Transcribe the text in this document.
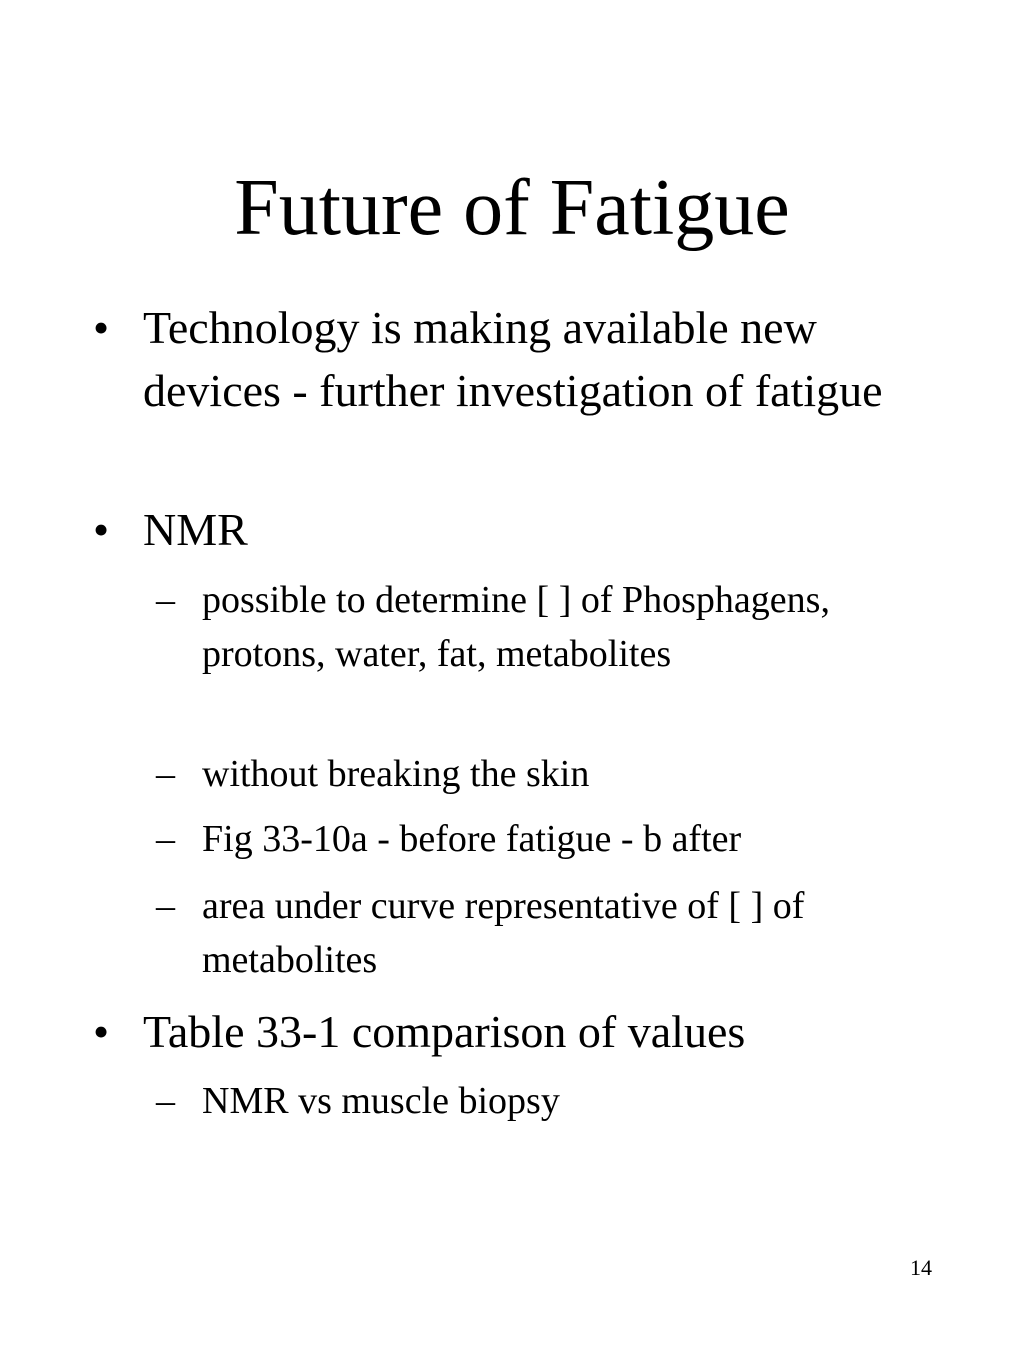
Future of Fatigue
• Technology is making available new devices - further investigation of fatigue
• NMR
– possible to determine [ ] of Phosphagens, protons, water, fat, metabolites
– without breaking the skin
– Fig 33-10a - before fatigue - b after
– area under curve representative of [ ] of metabolites
• Table 33-1 comparison of values
– NMR vs muscle biopsy
14
